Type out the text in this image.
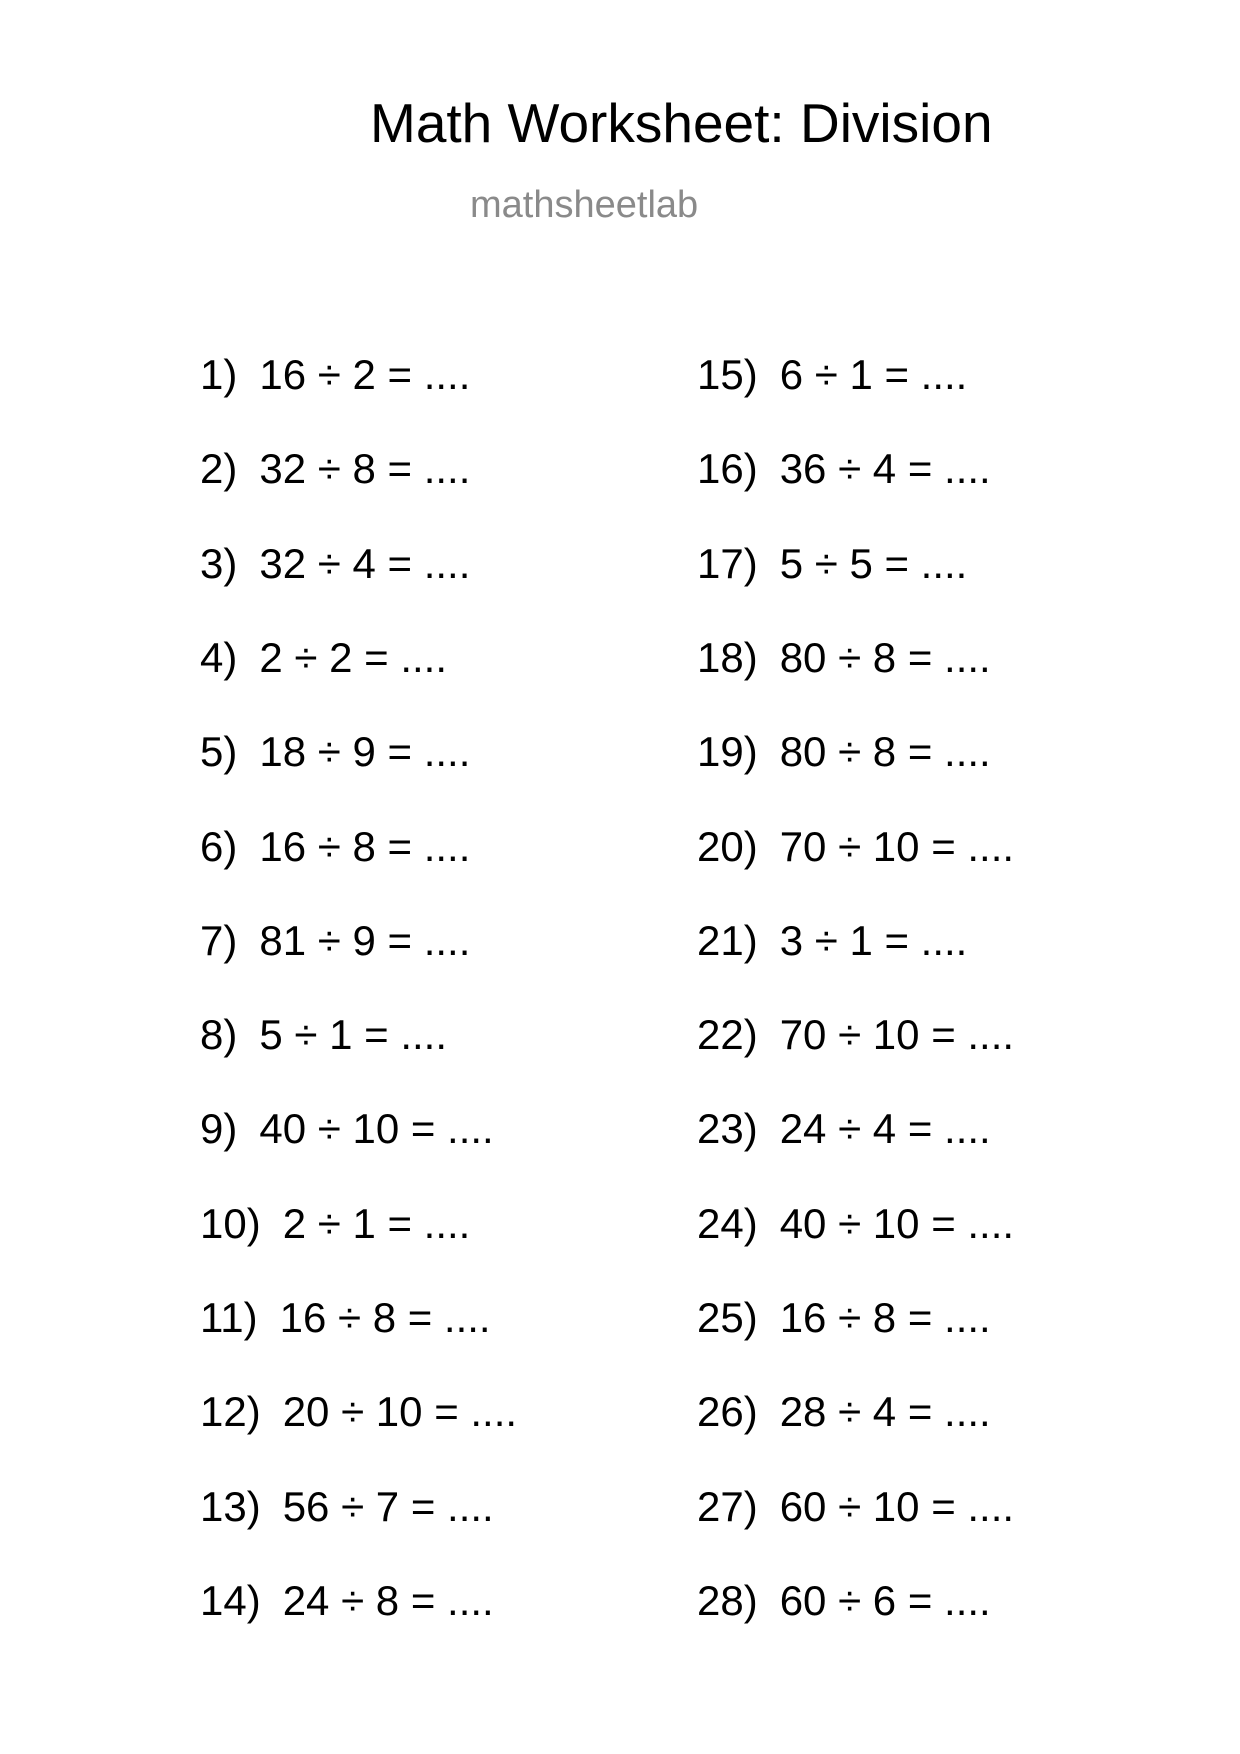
Math Worksheet: Division
mathsheetlab
1) 16 ÷ 2 = ....
2) 32 ÷ 8 = ....
3) 32 ÷ 4 = ....
4) 2 ÷ 2 = ....
5) 18 ÷ 9 = ....
6) 16 ÷ 8 = ....
7) 81 ÷ 9 = ....
8) 5 ÷ 1 = ....
9) 40 ÷ 10 = ....
10) 2 ÷ 1 = ....
11) 16 ÷ 8 = ....
12) 20 ÷ 10 = ....
13) 56 ÷ 7 = ....
14) 24 ÷ 8 = ....
15) 6 ÷ 1 = ....
16) 36 ÷ 4 = ....
17) 5 ÷ 5 = ....
18) 80 ÷ 8 = ....
19) 80 ÷ 8 = ....
20) 70 ÷ 10 = ....
21) 3 ÷ 1 = ....
22) 70 ÷ 10 = ....
23) 24 ÷ 4 = ....
24) 40 ÷ 10 = ....
25) 16 ÷ 8 = ....
26) 28 ÷ 4 = ....
27) 60 ÷ 10 = ....
28) 60 ÷ 6 = ....
